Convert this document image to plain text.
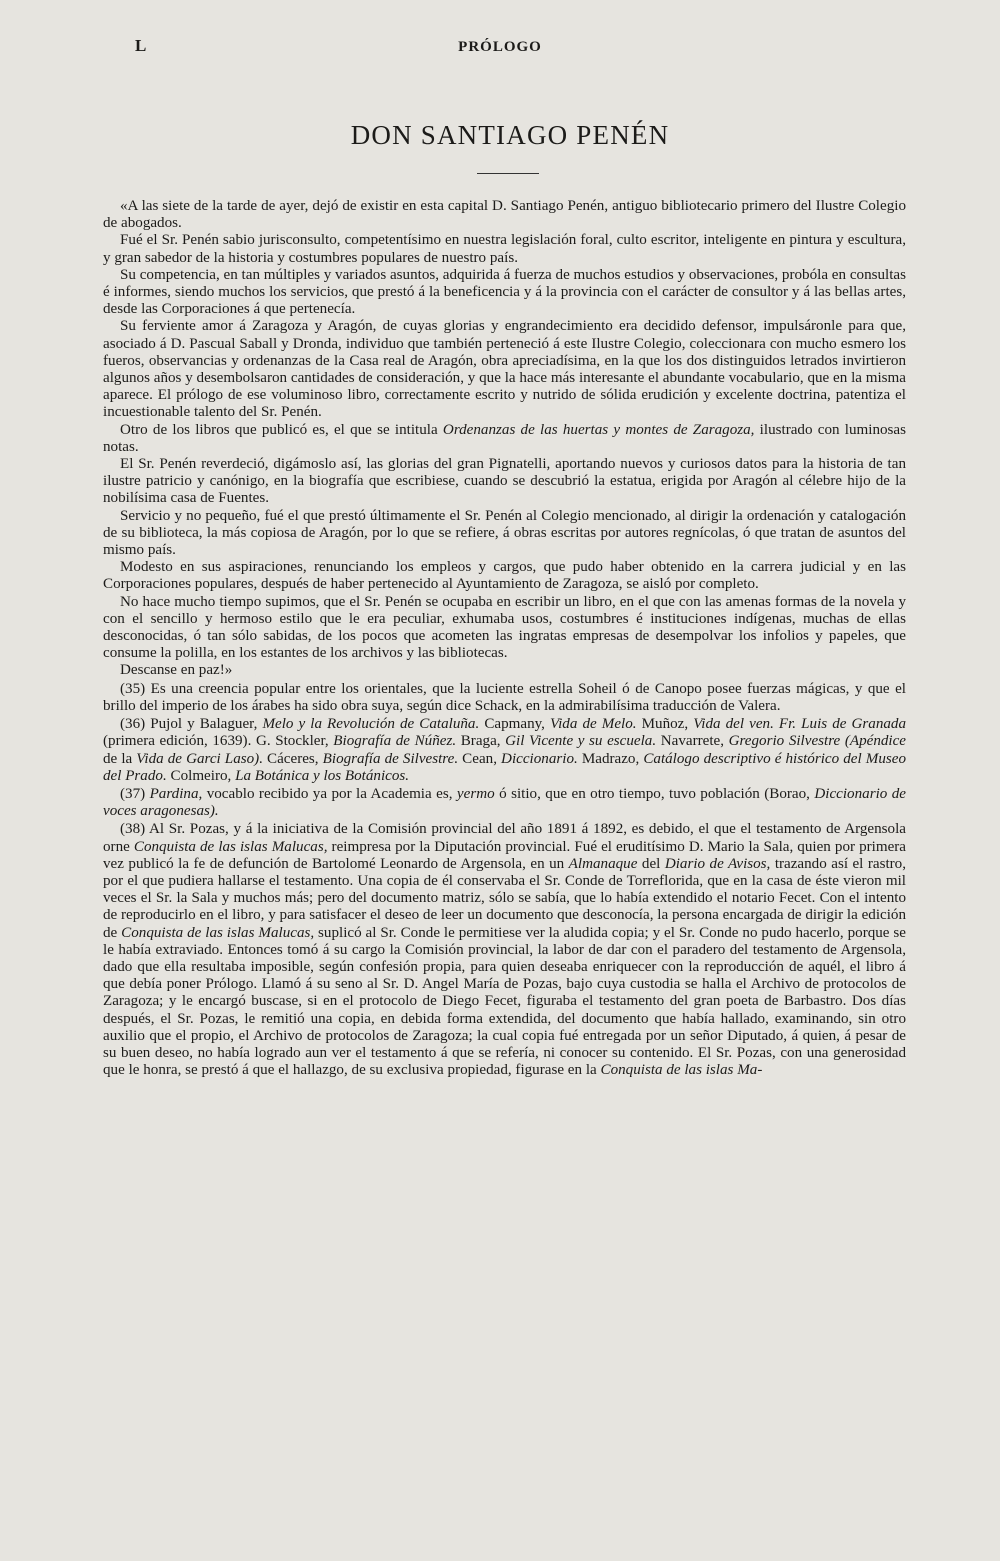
L	PRÓLOGO
DON SANTIAGO PENÉN

«A las siete de la tarde de ayer, dejó de existir en esta capital D. Santiago Penén, antiguo bibliotecario primero del Ilustre Colegio de abogados.

Fué el Sr. Penén sabio jurisconsulto, competentísimo en nuestra legislación foral, culto escritor, inteligente en pintura y escultura, y gran sabedor de la historia y costumbres populares de nuestro país.

Su competencia, en tan múltiples y variados asuntos, adquirida á fuerza de muchos estudios y observaciones, probóla en consultas é informes, siendo muchos los servicios, que prestó á la beneficencia y á la provincia con el carácter de consultor y á las bellas artes, desde las Corporaciones á que pertenecía.

Su ferviente amor á Zaragoza y Aragón, de cuyas glorias y engrandecimiento era decidido defensor, impulsáronle para que, asociado á D. Pascual Saball y Dronda, individuo que también perteneció á este Ilustre Colegio, coleccionara con mucho esmero los fueros, observancias y ordenanzas de la Casa real de Aragón, obra apreciadísima, en la que los dos distinguidos letrados invirtieron algunos años y desembolsaron cantidades de consideración, y que la hace más interesante el abundante vocabulario, que en la misma aparece. El prólogo de ese voluminoso libro, correctamente escrito y nutrido de sólida erudición y excelente doctrina, patentiza el incuestionable talento del Sr. Penén.

Otro de los libros que publicó es, el que se intitula Ordenanzas de las huertas y montes de Zaragoza, ilustrado con luminosas notas.

El Sr. Penén reverdeció, digámoslo así, las glorias del gran Pignatelli, aportando nuevos y curiosos datos para la historia de tan ilustre patricio y canónigo, en la biografía que escribiese, cuando se descubrió la estatua, erigida por Aragón al célebre hijo de la nobilísima casa de Fuentes.

Servicio y no pequeño, fué el que prestó últimamente el Sr. Penén al Colegio mencionado, al dirigir la ordenación y catalogación de su biblioteca, la más copiosa de Aragón, por lo que se refiere, á obras escritas por autores regnícolas, ó que tratan de asuntos del mismo país.

Modesto en sus aspiraciones, renunciando los empleos y cargos, que pudo haber obtenido en la carrera judicial y en las Corporaciones populares, después de haber pertenecido al Ayuntamiento de Zaragoza, se aisló por completo.

No hace mucho tiempo supimos, que el Sr. Penén se ocupaba en escribir un libro, en el que con las amenas formas de la novela y con el sencillo y hermoso estilo que le era peculiar, exhumaba usos, costumbres é instituciones indígenas, muchas de ellas desconocidas, ó tan sólo sabidas, de los pocos que acometen las ingratas empresas de desempolvar los infolios y papeles, que consume la polilla, en los estantes de los archivos y las bibliotecas.

Descanse en paz!»

(35) Es una creencia popular entre los orientales, que la luciente estrella Soheil ó de Canopo posee fuerzas mágicas, y que el brillo del imperio de los árabes ha sido obra suya, según dice Schack, en la admirabilísima traducción de Valera.

(36) Pujol y Balaguer, Melo y la Revolución de Cataluña. Capmany, Vida de Melo. Muñoz, Vida del ven. Fr. Luis de Granada (primera edición, 1639). G. Stockler, Biografía de Núñez. Braga, Gil Vicente y su escuela. Navarrete, Gregorio Silvestre (Apéndice de la Vida de Garci Laso). Cáceres, Biografía de Silvestre. Cean, Diccionario. Madrazo, Catálogo descriptivo é histórico del Museo del Prado. Colmeiro, La Botánica y los Botánicos.

(37) Pardina, vocablo recibido ya por la Academia es, yermo ó sitio, que en otro tiempo, tuvo población (Borao, Diccionario de voces aragonesas).

(38) Al Sr. Pozas, y á la iniciativa de la Comisión provincial del año 1891 á 1892, es debido, el que el testamento de Argensola orne Conquista de las islas Malucas, reimpresa por la Diputación provincial. Fué el eruditísimo D. Mario la Sala, quien por primera vez publicó la fe de defunción de Bartolomé Leonardo de Argensola, en un Almanaque del Diario de Avisos, trazando así el rastro, por el que pudiera hallarse el testamento. Una copia de él conservaba el Sr. Conde de Torreflorida, que en la casa de éste vieron mil veces el Sr. la Sala y muchos más; pero del documento matriz, sólo se sabía, que lo había extendido el notario Fecet. Con el intento de reproducirlo en el libro, y para satisfacer el deseo de leer un documento que desconocía, la persona encargada de dirigir la edición de Conquista de las islas Malucas, suplicó al Sr. Conde le permitiese ver la aludida copia; y el Sr. Conde no pudo hacerlo, porque se le había extraviado. Entonces tomó á su cargo la Comisión provincial, la labor de dar con el paradero del testamento de Argensola, dado que ella resultaba imposible, según confesión propia, para quien deseaba enriquecer con la reproducción de aquél, el libro á que debía poner Prólogo. Llamó á su seno al Sr. D. Angel María de Pozas, bajo cuya custodia se halla el Archivo de protocolos de Zaragoza; y le encargó buscase, si en el protocolo de Diego Fecet, figuraba el testamento del gran poeta de Barbastro. Dos días después, el Sr. Pozas, le remitió una copia, en debida forma extendida, del documento que había hallado, examinando, sin otro auxilio que el propio, el Archivo de protocolos de Zaragoza; la cual copia fué entregada por un señor Diputado, á quien, á pesar de su buen deseo, no había logrado aun ver el testamento á que se refería, ni conocer su contenido. El Sr. Pozas, con una generosidad que le honra, se prestó á que el hallazgo, de su exclusiva propiedad, figurase en la Conquista de las islas Ma-
